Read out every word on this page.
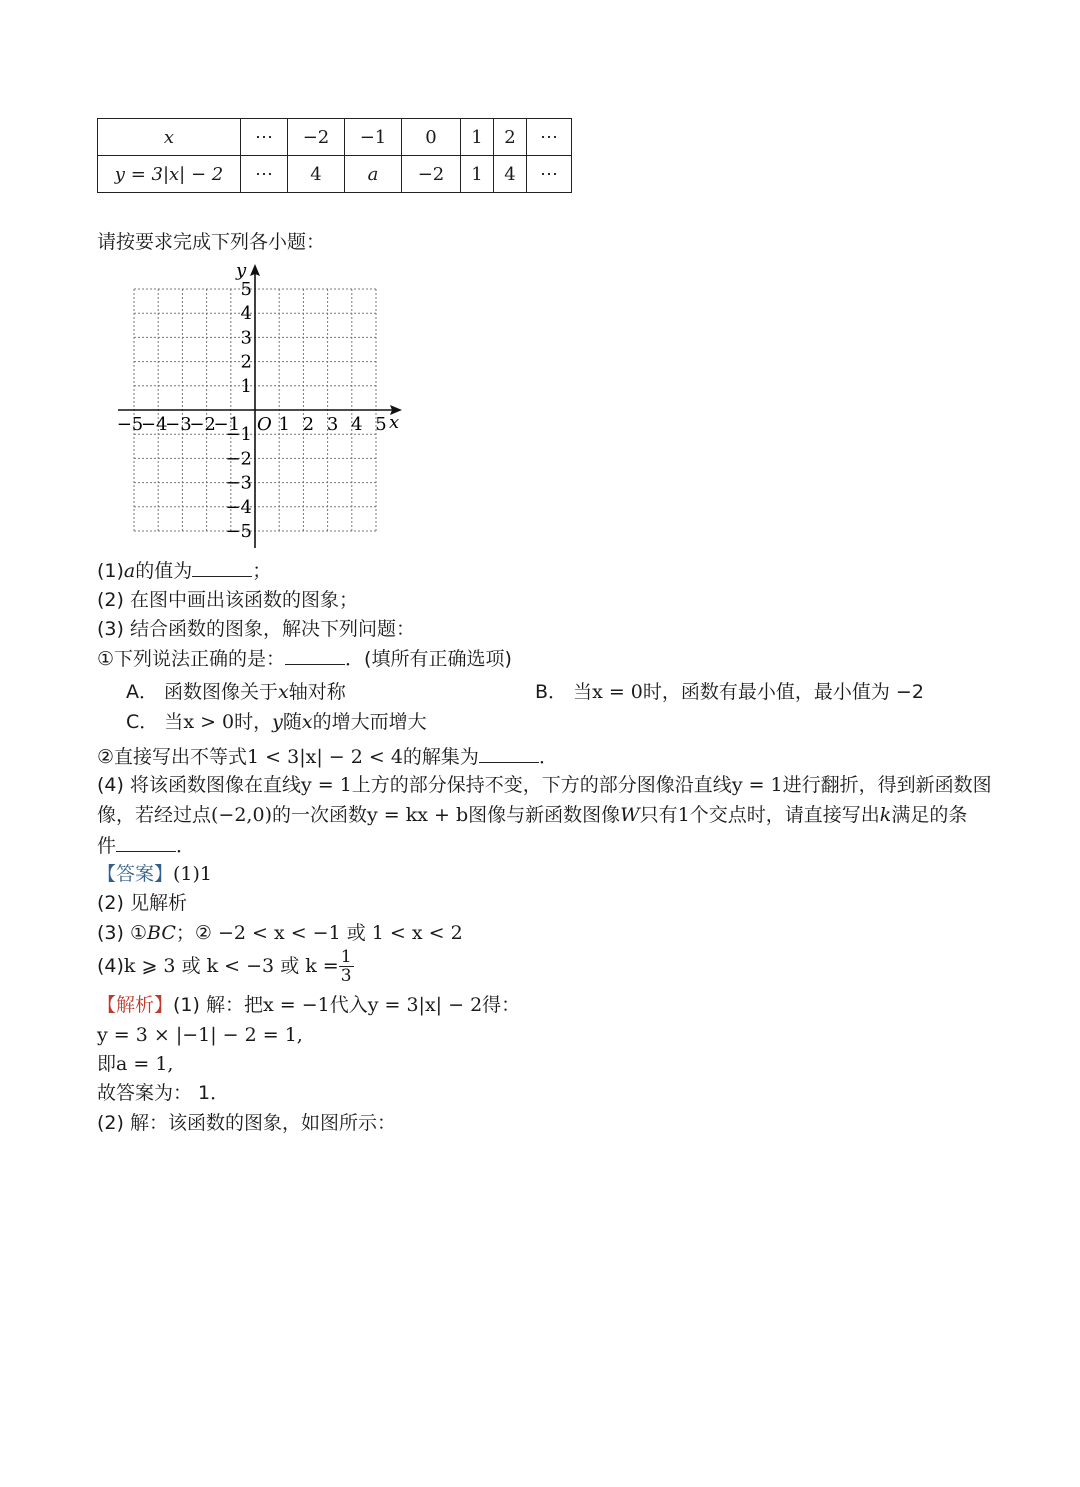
x	⋯	−2	−1	0	1	2	⋯
y = 3|x| − 2	⋯	4	a	−2	1	4	⋯
请按要求完成下列各小题：
y
x
O
5
4
3
2
1
−1
−2
−3
−4
−5
−5
−4
−3
−2
−1 1 2 3 4 5
(1)a的值为	；
(2) 在图中画出该函数的图象；
(3) 结合函数的图象，解决下列问题：
①下列说法正确的是：	．(填所有正确选项)
A． 函数图像关于x轴对称	B． 当x = 0时，函数有最小值，最小值为 −2
C． 当x > 0时，y随x的增大而增大
②直接写出不等式1 < 3|x| − 2 < 4的解集为	．
(4) 将该函数图像在直线y = 1上方的部分保持不变，下方的部分图像沿直线y = 1进行翻折，得到新函数图
像，若经过点(−2,0)的一次函数y = kx + b图像与新函数图像W只有1个交点时，请直接写出k满足的条
件	．
【答案】(1)1
(2) 见解析
(3) ①BC；② −2 < x < −1 或 1 < x < 2
(4)k ⩾ 3 或 k < −3 或 $k = \frac{1}{3}$
【解析】(1) 解：把x = −1代入y = 3|x| − 2得：
y = 3 × |−1| − 2 = 1,
即a = 1,
故答案为： 1．
(2) 解：该函数的图象，如图所示：
